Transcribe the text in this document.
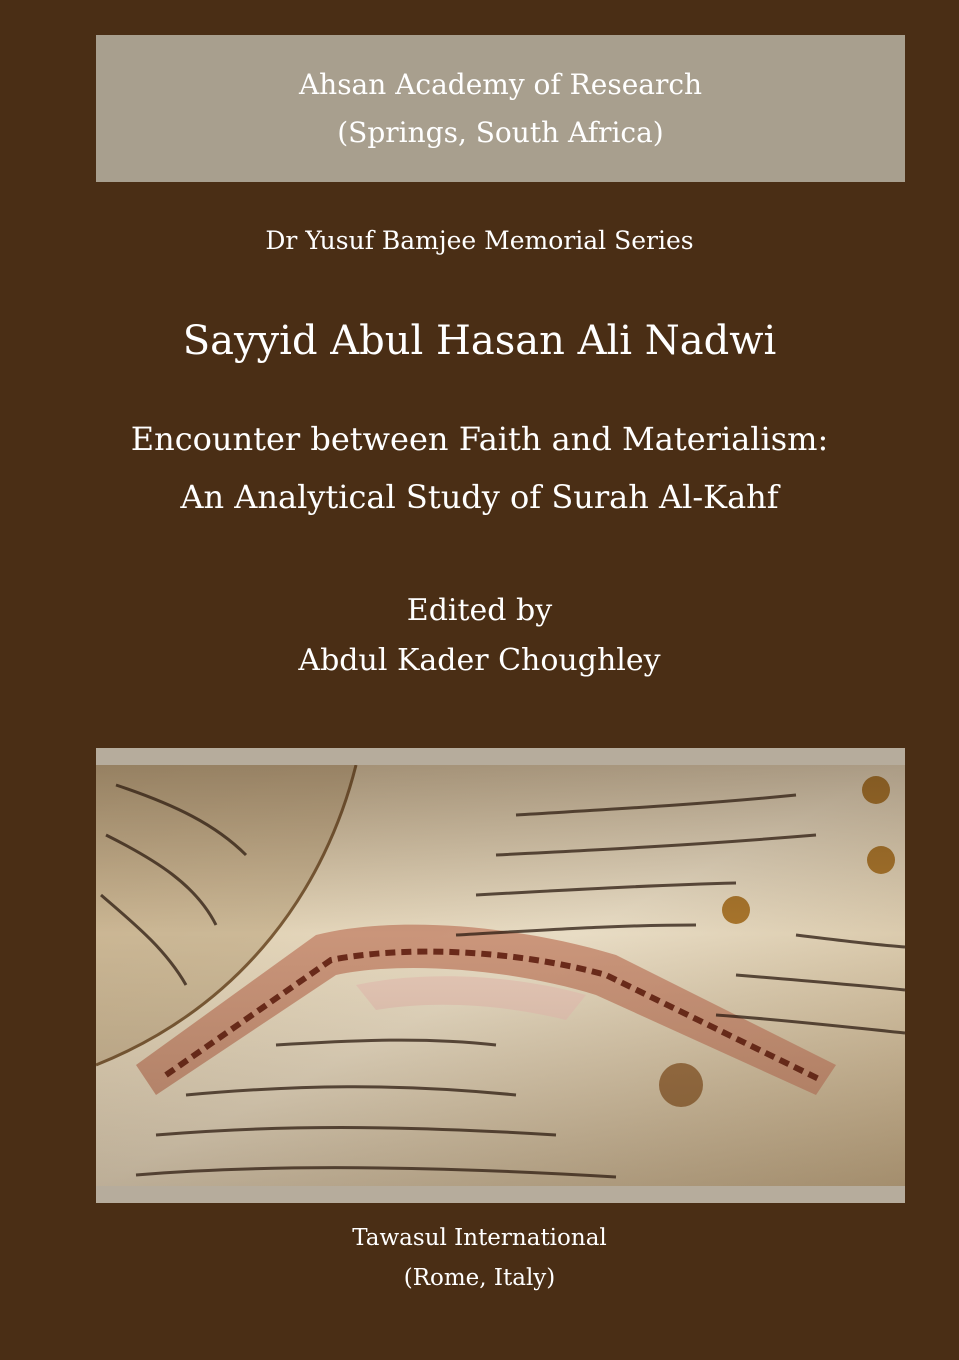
Ahsan Academy of Research
(Springs, South Africa)
Dr Yusuf Bamjee Memorial Series
Sayyid Abul Hasan Ali Nadwi
Encounter between Faith and Materialism:
An Analytical Study of Surah Al-Kahf
Edited by
Abdul Kader Choughley
Tawasul International
(Rome, Italy)
